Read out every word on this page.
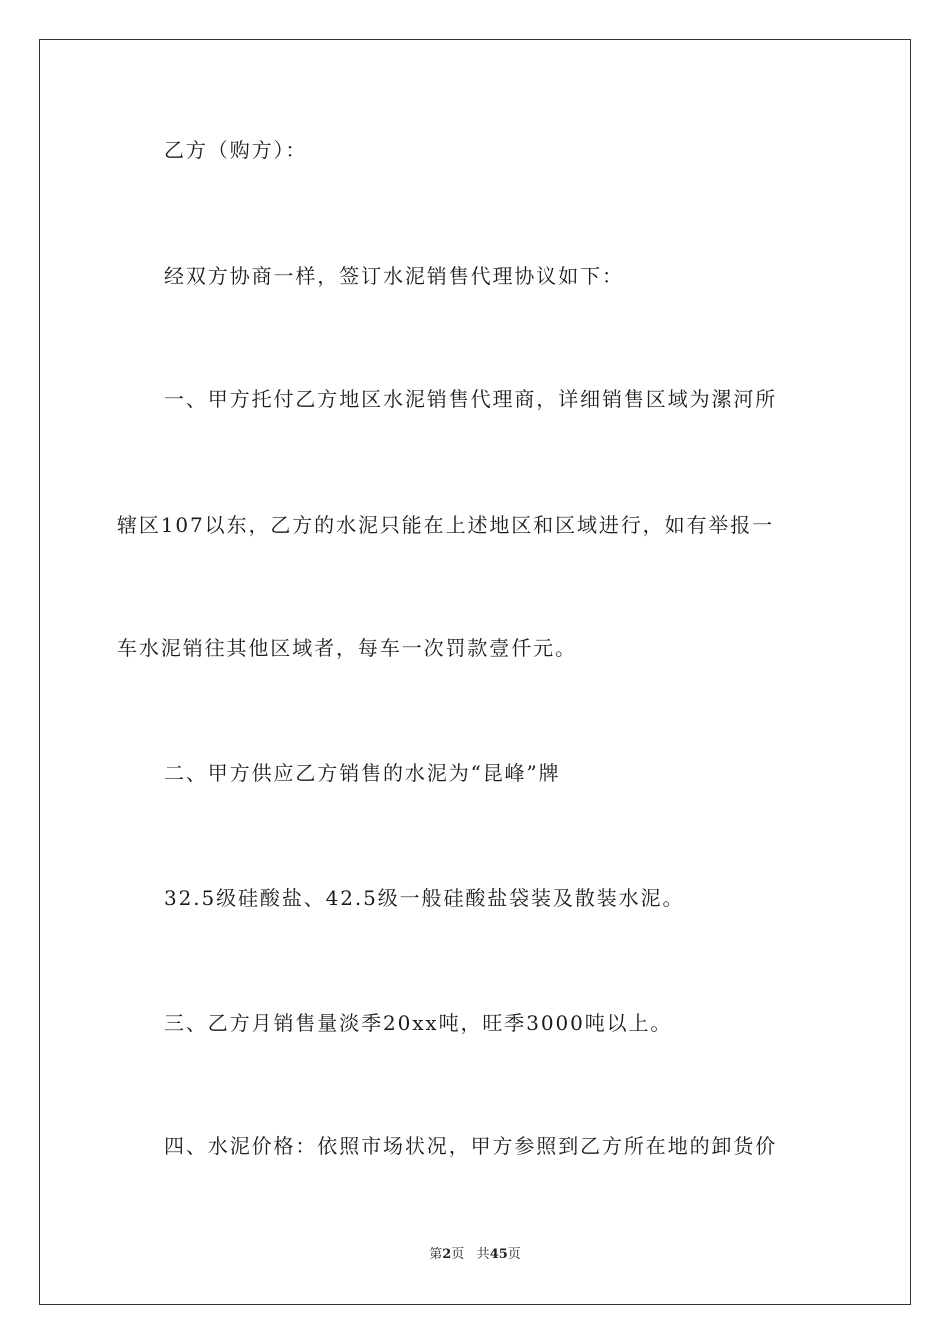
乙方（购方）：

经双方协商一样，签订水泥销售代理协议如下：

一、甲方托付乙方地区水泥销售代理商，详细销售区域为漯河所

辖区107以东，乙方的水泥只能在上述地区和区域进行，如有举报一

车水泥销往其他区域者，每车一次罚款壹仟元。

二、甲方供应乙方销售的水泥为“昆峰”牌

32.5级硅酸盐、42.5级一般硅酸盐袋装及散装水泥。

三、乙方月销售量淡季20xx吨，旺季3000吨以上。

四、水泥价格：依照市场状况，甲方参照到乙方所在地的卸货价

第2页 共45页
